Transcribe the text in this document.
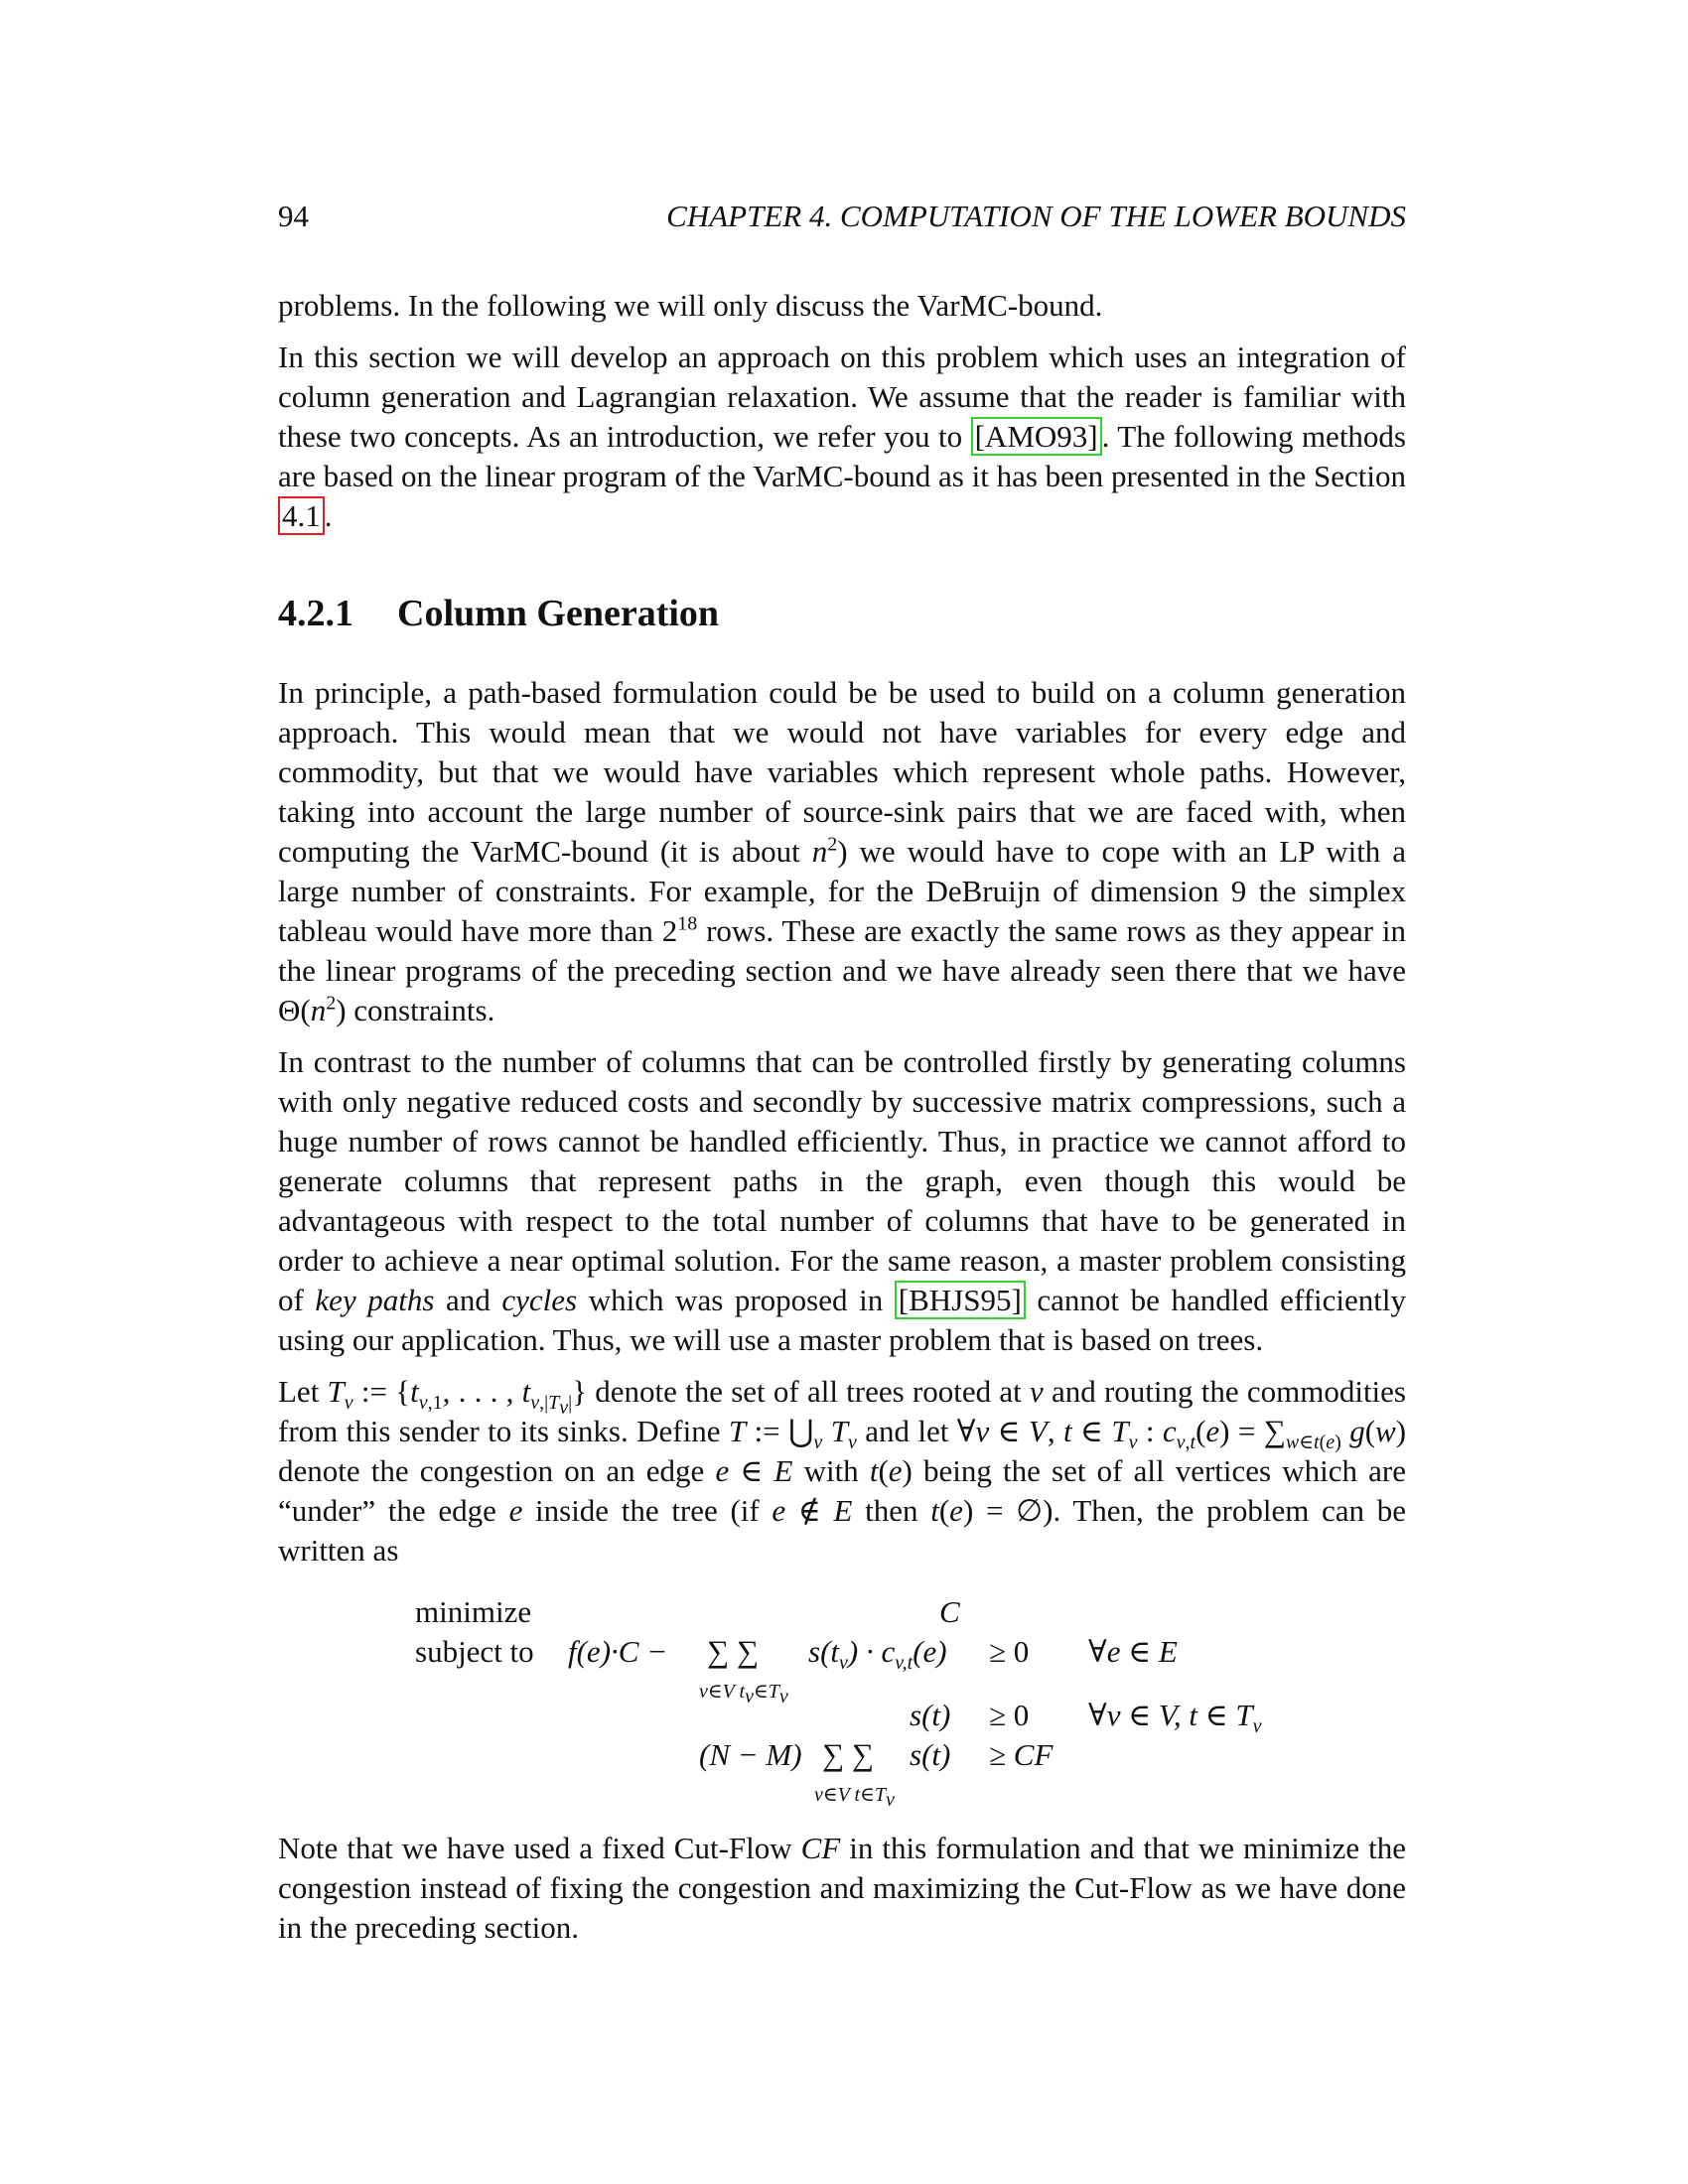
94	CHAPTER 4. COMPUTATION OF THE LOWER BOUNDS

problems. In the following we will only discuss the VarMC-bound.

In this section we will develop an approach on this problem which uses an integration of column generation and Lagrangian relaxation. We assume that the reader is familiar with these two concepts. As an introduction, we refer you to [AMO93] . The following methods are based on the linear program of the VarMC-bound as it has been presented in the Section 4.1 .

4.2.1 Column Generation

In principle, a path-based formulation could be be used to build on a column generation approach. This would mean that we would not have variables for every edge and commodity, but that we would have variables which represent whole paths. However, taking into account the large number of source-sink pairs that we are faced with, when computing the VarMC-bound (it is about $n^2$) we would have to cope with an LP with a large number of constraints. For example, for the DeBruijn of dimension 9 the simplex tableau would have more than $2^{18}$ rows. These are exactly the same rows as they appear in the linear programs of the preceding section and we have already seen there that we have $\Theta(n^2)$ constraints.

In contrast to the number of columns that can be controlled firstly by generating columns with only negative reduced costs and secondly by successive matrix compressions, such a huge number of rows cannot be handled efficiently. Thus, in practice we cannot afford to generate columns that represent paths in the graph, even though this would be advantageous with respect to the total number of columns that have to be generated in order to achieve a near optimal solution. For the same reason, a master problem consisting of key paths and cycles which was proposed in [BHJS95] cannot be handled efficiently using our application. Thus, we will use a master problem that is based on trees.

Let $T_v$ := {$t_{v,1}$, . . . , $t_{v,|T_v|}$} denote the set of all trees rooted at v and routing the commodities from this sender to its sinks. Define T := $⋃_v$ $T_v$ and let ∀v ∈ V, t ∈ $T_v$ : $c_{v,t}(e) = \sum_{w\in t(e)}$ g(w) denote the congestion on an edge e ∈ E with t(e) being the set of all vertices which are “under” the edge e inside the tree (if e ∉ E then t(e) = ∅). Then, the problem can be written as

minimize	C
subject to f(e)·C − ∑ ∑
v∈V $t_v\in T_v$
$s(t_v) \cdot c_{v,t}(e) \ge 0$ ∀e ∈ E
s(t) ≥ 0 ∀v ∈ V, t ∈ $T_v$
(N − M) ∑ ∑
v∈V $t\in T_v$
s(t) ≥ CF

Note that we have used a fixed Cut-Flow CF in this formulation and that we minimize the congestion instead of fixing the congestion and maximizing the Cut-Flow as we have done in the preceding section.
